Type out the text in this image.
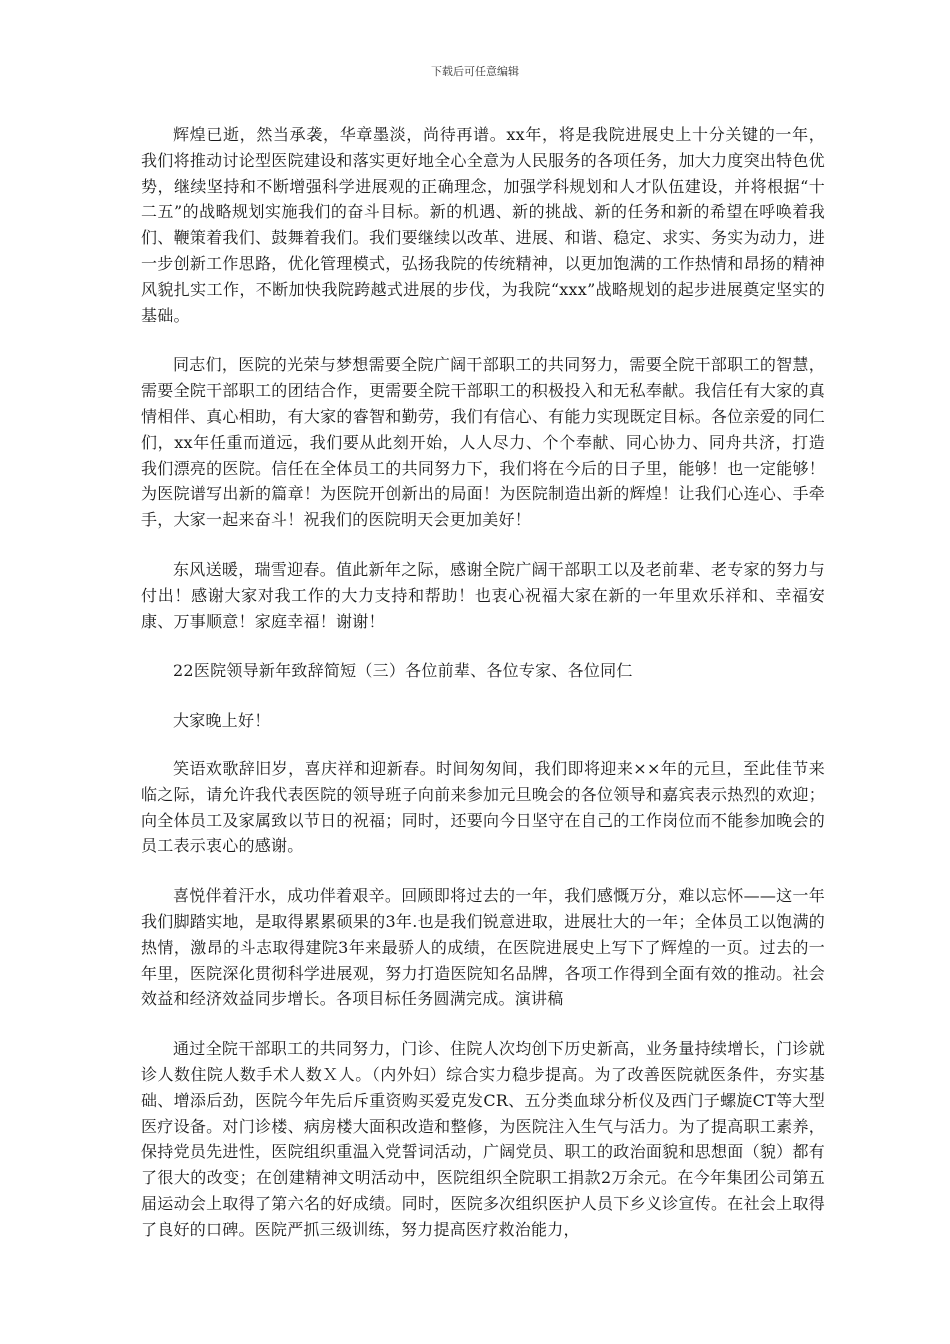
下载后可任意编辑

辉煌已逝，然当承袭，华章墨淡，尚待再谱。xx年，将是我院进展史上十分关键的一年，我们将推动讨论型医院建设和落实更好地全心全意为人民服务的各项任务，加大力度突出特色优势，继续坚持和不断增强科学进展观的正确理念，加强学科规划和人才队伍建设，并将根据“十二五”的战略规划实施我们的奋斗目标。新的机遇、新的挑战、新的任务和新的希望在呼唤着我们、鞭策着我们、鼓舞着我们。我们要继续以改革、进展、和谐、稳定、求实、务实为动力，进一步创新工作思路，优化管理模式，弘扬我院的传统精神，以更加饱满的工作热情和昂扬的精神风貌扎实工作，不断加快我院跨越式进展的步伐，为我院“xxx”战略规划的起步进展奠定坚实的基础。

同志们，医院的光荣与梦想需要全院广阔干部职工的共同努力，需要全院干部职工的智慧，需要全院干部职工的团结合作，更需要全院干部职工的积极投入和无私奉献。我信任有大家的真情相伴、真心相助，有大家的睿智和勤劳，我们有信心、有能力实现既定目标。各位亲爱的同仁们，xx年任重而道远，我们要从此刻开始，人人尽力、个个奉献、同心协力、同舟共济，打造我们漂亮的医院。信任在全体员工的共同努力下，我们将在今后的日子里，能够！也一定能够！为医院谱写出新的篇章！为医院开创新出的局面！为医院制造出新的辉煌！让我们心连心、手牵手，大家一起来奋斗！祝我们的医院明天会更加美好！

东风送暖，瑞雪迎春。值此新年之际，感谢全院广阔干部职工以及老前辈、老专家的努力与付出！感谢大家对我工作的大力支持和帮助！也衷心祝福大家在新的一年里欢乐祥和、幸福安康、万事顺意！家庭幸福！谢谢！

22医院领导新年致辞简短（三）各位前辈、各位专家、各位同仁

大家晚上好！

笑语欢歌辞旧岁，喜庆祥和迎新春。时间匆匆间，我们即将迎来××年的元旦，至此佳节来临之际，请允许我代表医院的领导班子向前来参加元旦晚会的各位领导和嘉宾表示热烈的欢迎；向全体员工及家属致以节日的祝福；同时，还要向今日坚守在自己的工作岗位而不能参加晚会的员工表示衷心的感谢。

喜悦伴着汗水，成功伴着艰辛。回顾即将过去的一年，我们感慨万分，难以忘怀——这一年我们脚踏实地，是取得累累硕果的3年.也是我们锐意进取，进展壮大的一年；全体员工以饱满的热情，激昂的斗志取得建院3年来最骄人的成绩，在医院进展史上写下了辉煌的一页。过去的一年里，医院深化贯彻科学进展观，努力打造医院知名品牌，各项工作得到全面有效的推动。社会效益和经济效益同步增长。各项目标任务圆满完成。演讲稿

通过全院干部职工的共同努力，门诊、住院人次均创下历史新高，业务量持续增长，门诊就诊人数住院人数手术人数Ｘ人。（内外妇）综合实力稳步提高。为了改善医院就医条件，夯实基础、增添后劲，医院今年先后斥重资购买爱克发CR、五分类血球分析仪及西门子螺旋CT等大型医疗设备。对门诊楼、病房楼大面积改造和整修，为医院注入生气与活力。为了提高职工素养，保持党员先进性，医院组织重温入党誓词活动，广阔党员、职工的政治面貌和思想面（貌）都有了很大的改变；在创建精神文明活动中，医院组织全院职工捐款2万余元。在今年集团公司第五届运动会上取得了第六名的好成绩。同时，医院多次组织医护人员下乡义诊宣传。在社会上取得了良好的口碑。医院严抓三级训练，努力提高医疗救治能力，
